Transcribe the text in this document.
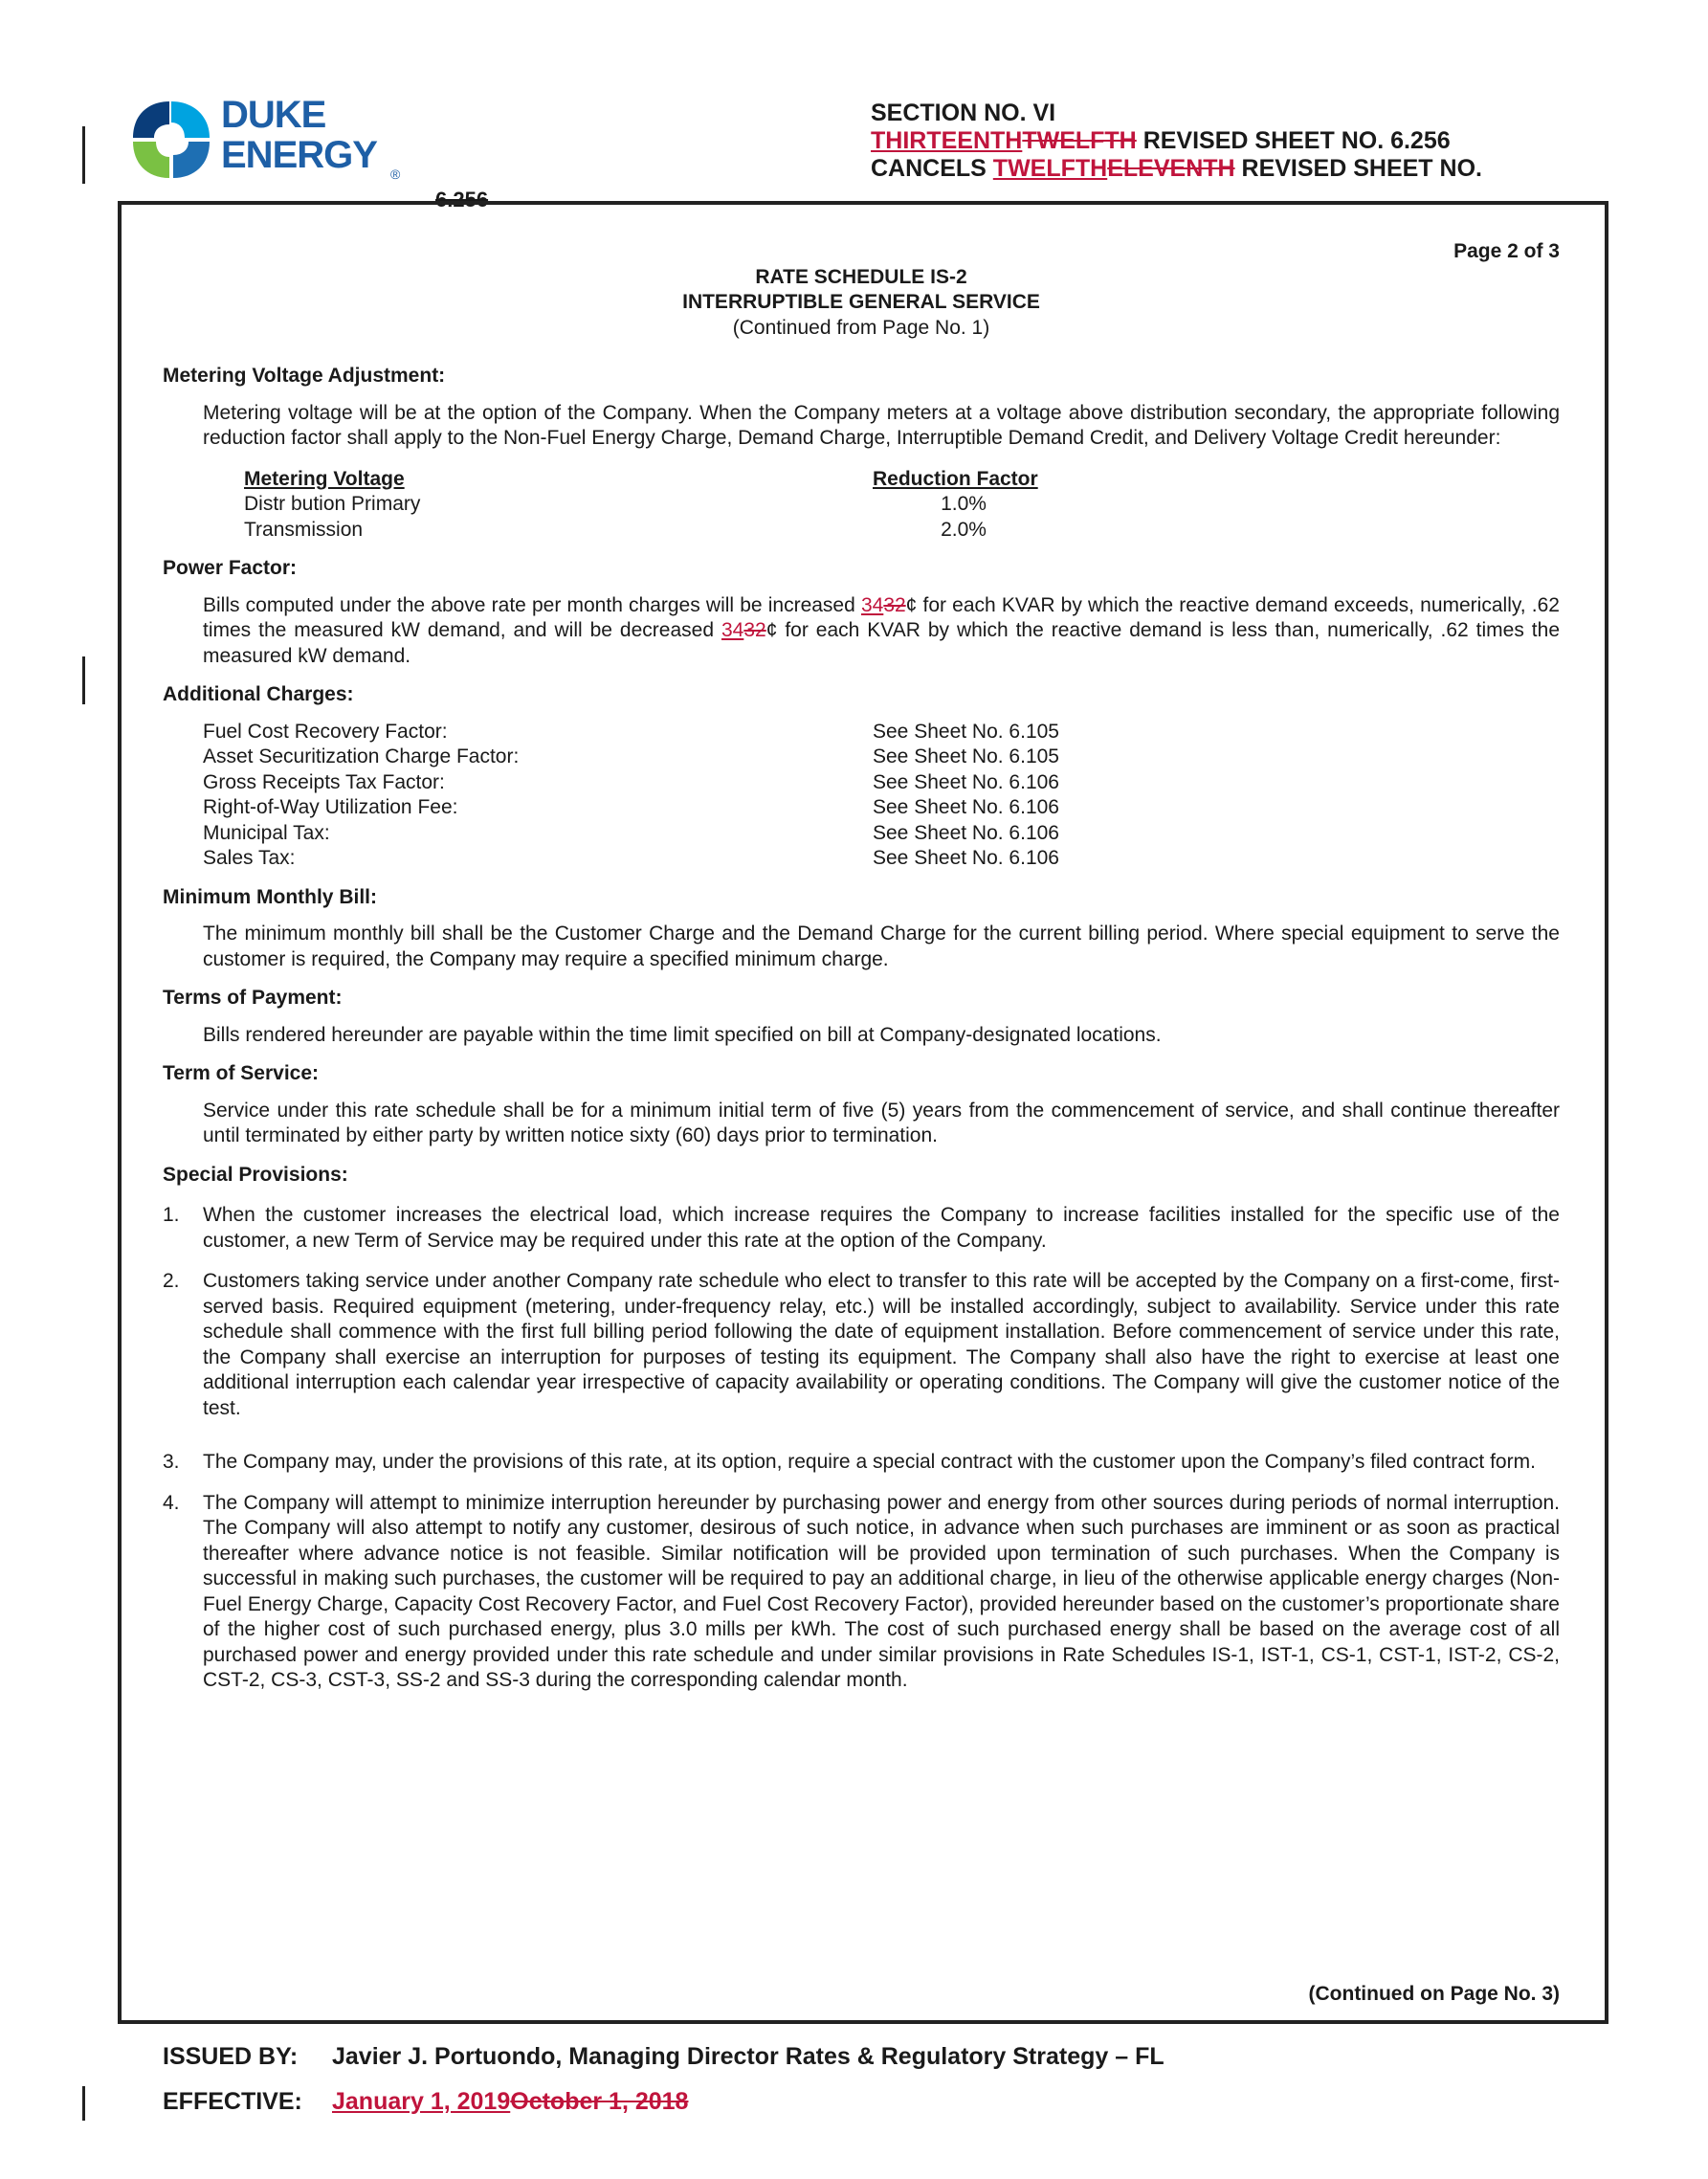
DUKE
ENERGY ®
SECTION NO. VI
THIRTEENTHTWELFTH REVISED SHEET NO. 6.256
CANCELS TWELFTHELEVENTH REVISED SHEET NO.
6.256
Page 2 of 3
RATE SCHEDULE IS-2
INTERRUPTIBLE GENERAL SERVICE
(Continued from Page No. 1)
Metering Voltage Adjustment:
Metering voltage will be at the option of the Company. When the Company meters at a voltage above distribution secondary, the appropriate following reduction factor shall apply to the Non-Fuel Energy Charge, Demand Charge, Interruptible Demand Credit, and Delivery Voltage Credit hereunder:
Metering Voltage	Reduction Factor
Distr bution Primary	1.0%
Transmission	2.0%
Power Factor:
Bills computed under the above rate per month charges will be increased 3432¢ for each KVAR by which the reactive demand exceeds, numerically, .62 times the measured kW demand, and will be decreased 3432¢ for each KVAR by which the reactive demand is less than, numerically, .62 times the measured kW demand.
Additional Charges:
Fuel Cost Recovery Factor:	See Sheet No. 6.105
Asset Securitization Charge Factor:	See Sheet No. 6.105
Gross Receipts Tax Factor:	See Sheet No. 6.106
Right-of-Way Utilization Fee:	See Sheet No. 6.106
Municipal Tax:	See Sheet No. 6.106
Sales Tax:	See Sheet No. 6.106
Minimum Monthly Bill:
The minimum monthly bill shall be the Customer Charge and the Demand Charge for the current billing period. Where special equipment to serve the customer is required, the Company may require a specified minimum charge.
Terms of Payment:
Bills rendered hereunder are payable within the time limit specified on bill at Company-designated locations.
Term of Service:
Service under this rate schedule shall be for a minimum initial term of five (5) years from the commencement of service, and shall continue thereafter until terminated by either party by written notice sixty (60) days prior to termination.
Special Provisions:
1.	When the customer increases the electrical load, which increase requires the Company to increase facilities installed for the specific use of the customer, a new Term of Service may be required under this rate at the option of the Company.
2.	Customers taking service under another Company rate schedule who elect to transfer to this rate will be accepted by the Company on a first-come, first-served basis. Required equipment (metering, under-frequency relay, etc.) will be installed accordingly, subject to availability. Service under this rate schedule shall commence with the first full billing period following the date of equipment installation. Before commencement of service under this rate, the Company shall exercise an interruption for purposes of testing its equipment. The Company shall also have the right to exercise at least one additional interruption each calendar year irrespective of capacity availability or operating conditions. The Company will give the customer notice of the test.
3.	The Company may, under the provisions of this rate, at its option, require a special contract with the customer upon the Company’s filed contract form.
4.	The Company will attempt to minimize interruption hereunder by purchasing power and energy from other sources during periods of normal interruption. The Company will also attempt to notify any customer, desirous of such notice, in advance when such purchases are imminent or as soon as practical thereafter where advance notice is not feasible. Similar notification will be provided upon termination of such purchases. When the Company is successful in making such purchases, the customer will be required to pay an additional charge, in lieu of the otherwise applicable energy charges (Non-Fuel Energy Charge, Capacity Cost Recovery Factor, and Fuel Cost Recovery Factor), provided hereunder based on the customer’s proportionate share of the higher cost of such purchased energy, plus 3.0 mills per kWh. The cost of such purchased energy shall be based on the average cost of all purchased power and energy provided under this rate schedule and under similar provisions in Rate Schedules IS-1, IST-1, CS-1, CST-1, IST-2, CS-2, CST-2, CS-3, CST-3, SS-2 and SS-3 during the corresponding calendar month.
(Continued on Page No. 3)
ISSUED BY: Javier J. Portuondo, Managing Director Rates & Regulatory Strategy – FL
EFFECTIVE: January 1, 2019October 1, 2018
